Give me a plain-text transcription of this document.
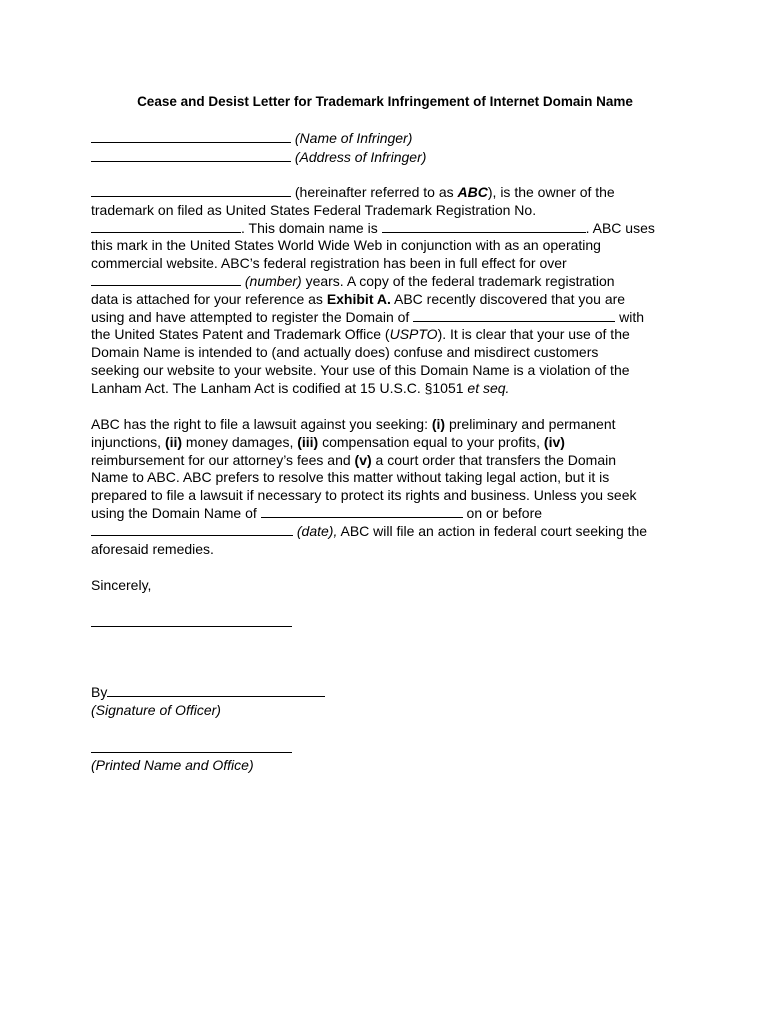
Cease and Desist Letter for Trademark Infringement of Internet Domain Name
(Name of Infringer)
(Address of Infringer)
(hereinafter referred to as ABC), is the owner of the
trademark on filed as United States Federal Trademark Registration No.
. This domain name is	. ABC uses
this mark in the United States World Wide Web in conjunction with as an operating
commercial website. ABC’s federal registration has been in full effect for over
(number) years. A copy of the federal trademark registration
data is attached for your reference as Exhibit A. ABC recently discovered that you are
using and have attempted to register the Domain of	with
the United States Patent and Trademark Office (USPTO). It is clear that your use of the
Domain Name is intended to (and actually does) confuse and misdirect customers
seeking our website to your website. Your use of this Domain Name is a violation of the
Lanham Act. The Lanham Act is codified at 15 U.S.C. §1051 et seq.
ABC has the right to file a lawsuit against you seeking: (i) preliminary and permanent
injunctions, (ii) money damages, (iii) compensation equal to your profits, (iv)
reimbursement for our attorney’s fees and (v) a court order that transfers the Domain
Name to ABC. ABC prefers to resolve this matter without taking legal action, but it is
prepared to file a lawsuit if necessary to protect its rights and business. Unless you seek
using the Domain Name of	on or before
(date), ABC will file an action in federal court seeking the
aforesaid remedies.
Sincerely,
By
(Signature of Officer)
(Printed Name and Office)
